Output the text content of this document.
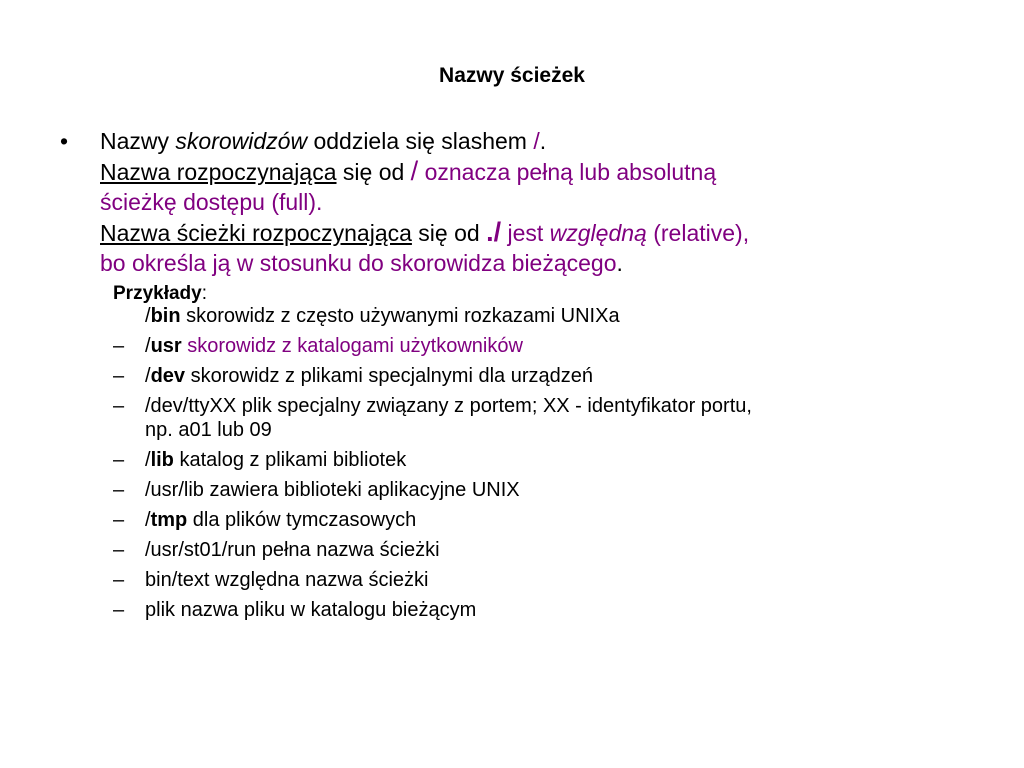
Nazwy ścieżek
• Nazwy skorowidzów oddziela się slashem /.
Nazwa rozpoczynająca się od / oznacza pełną lub absolutną
ścieżkę dostępu (full).
Nazwa ścieżki rozpoczynająca się od ./ jest względną (relative),
bo określa ją w stosunku do skorowidza bieżącego.
Przykłady:
/bin skorowidz z często używanymi rozkazami UNIXa
– /usr skorowidz z katalogami użytkowników
– /dev skorowidz z plikami specjalnymi dla urządzeń
– /dev/ttyXX plik specjalny związany z portem; XX - identyfikator portu,
np. a01 lub 09
– /lib katalog z plikami bibliotek
– /usr/lib zawiera biblioteki aplikacyjne UNIX
– /tmp dla plików tymczasowych
– /usr/st01/run pełna nazwa ścieżki
– bin/text względna nazwa ścieżki
– plik nazwa pliku w katalogu bieżącym
